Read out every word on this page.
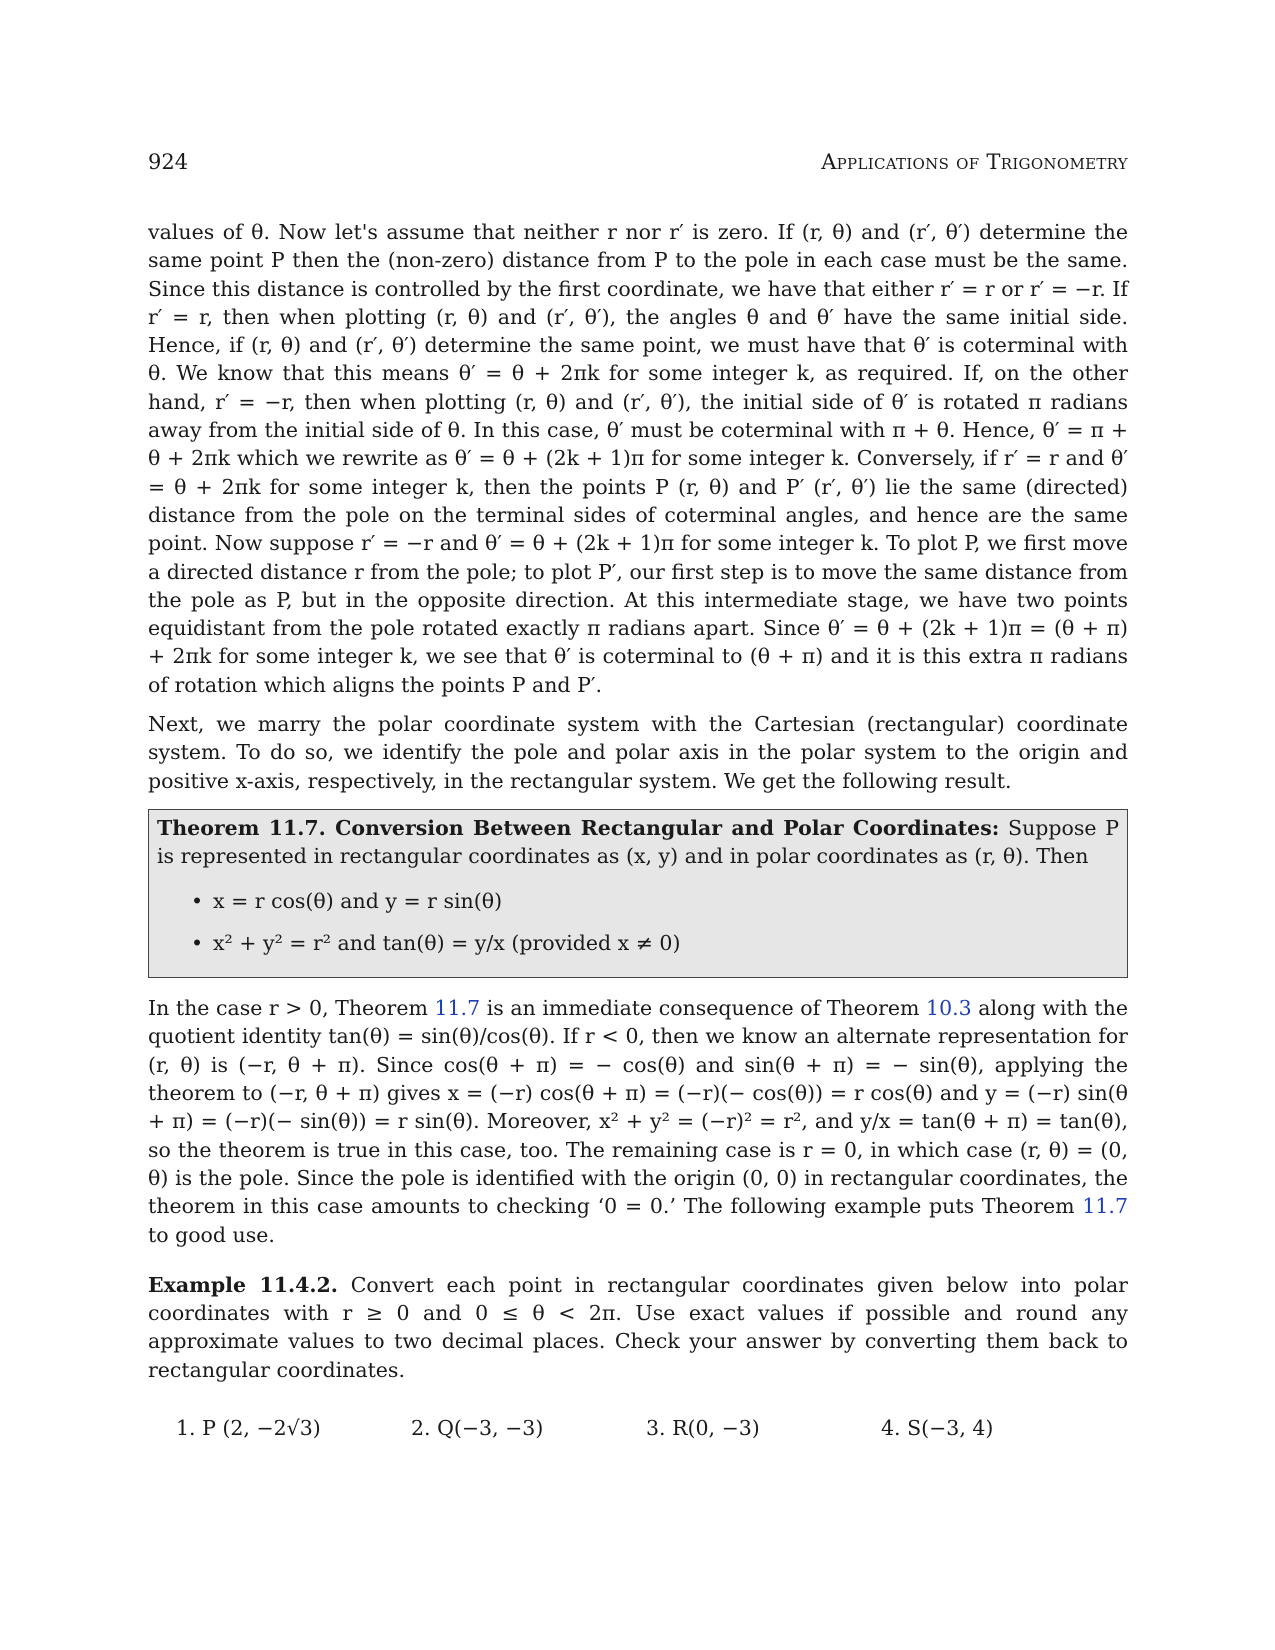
924	Applications of Trigonometry

values of θ. Now let's assume that neither r nor r′ is zero. If (r, θ) and (r′, θ′) determine the same point P then the (non-zero) distance from P to the pole in each case must be the same. Since this distance is controlled by the first coordinate, we have that either r′ = r or r′ = −r. If r′ = r, then when plotting (r, θ) and (r′, θ′), the angles θ and θ′ have the same initial side. Hence, if (r, θ) and (r′, θ′) determine the same point, we must have that θ′ is coterminal with θ. We know that this means θ′ = θ + 2πk for some integer k, as required. If, on the other hand, r′ = −r, then when plotting (r, θ) and (r′, θ′), the initial side of θ′ is rotated π radians away from the initial side of θ. In this case, θ′ must be coterminal with π + θ. Hence, θ′ = π + θ + 2πk which we rewrite as θ′ = θ + (2k + 1)π for some integer k. Conversely, if r′ = r and θ′ = θ + 2πk for some integer k, then the points P (r, θ) and P′ (r′, θ′) lie the same (directed) distance from the pole on the terminal sides of coterminal angles, and hence are the same point. Now suppose r′ = −r and θ′ = θ + (2k + 1)π for some integer k. To plot P, we first move a directed distance r from the pole; to plot P′, our first step is to move the same distance from the pole as P, but in the opposite direction. At this intermediate stage, we have two points equidistant from the pole rotated exactly π radians apart. Since θ′ = θ + (2k + 1)π = (θ + π) + 2πk for some integer k, we see that θ′ is coterminal to (θ + π) and it is this extra π radians of rotation which aligns the points P and P′.

Next, we marry the polar coordinate system with the Cartesian (rectangular) coordinate system. To do so, we identify the pole and polar axis in the polar system to the origin and positive x-axis, respectively, in the rectangular system. We get the following result.

Theorem 11.7. Conversion Between Rectangular and Polar Coordinates: Suppose P is represented in rectangular coordinates as (x, y) and in polar coordinates as (r, θ). Then
• x = r cos(θ) and y = r sin(θ)
• x² + y² = r² and tan(θ) = y/x (provided x ≠ 0)

In the case r > 0, Theorem 11.7 is an immediate consequence of Theorem 10.3 along with the quotient identity tan(θ) = sin(θ)/cos(θ). If r < 0, then we know an alternate representation for (r, θ) is (−r, θ + π). Since cos(θ + π) = − cos(θ) and sin(θ + π) = − sin(θ), applying the theorem to (−r, θ + π) gives x = (−r) cos(θ + π) = (−r)(− cos(θ)) = r cos(θ) and y = (−r) sin(θ + π) = (−r)(− sin(θ)) = r sin(θ). Moreover, x² + y² = (−r)² = r², and y/x = tan(θ + π) = tan(θ), so the theorem is true in this case, too. The remaining case is r = 0, in which case (r, θ) = (0, θ) is the pole. Since the pole is identified with the origin (0, 0) in rectangular coordinates, the theorem in this case amounts to checking ‘0 = 0.’ The following example puts Theorem 11.7 to good use.

Example 11.4.2. Convert each point in rectangular coordinates given below into polar coordinates with r ≥ 0 and 0 ≤ θ < 2π. Use exact values if possible and round any approximate values to two decimal places. Check your answer by converting them back to rectangular coordinates.

1. P (2, −2√3)	2. Q(−3, −3)	3. R(0, −3)	4. S(−3, 4)
